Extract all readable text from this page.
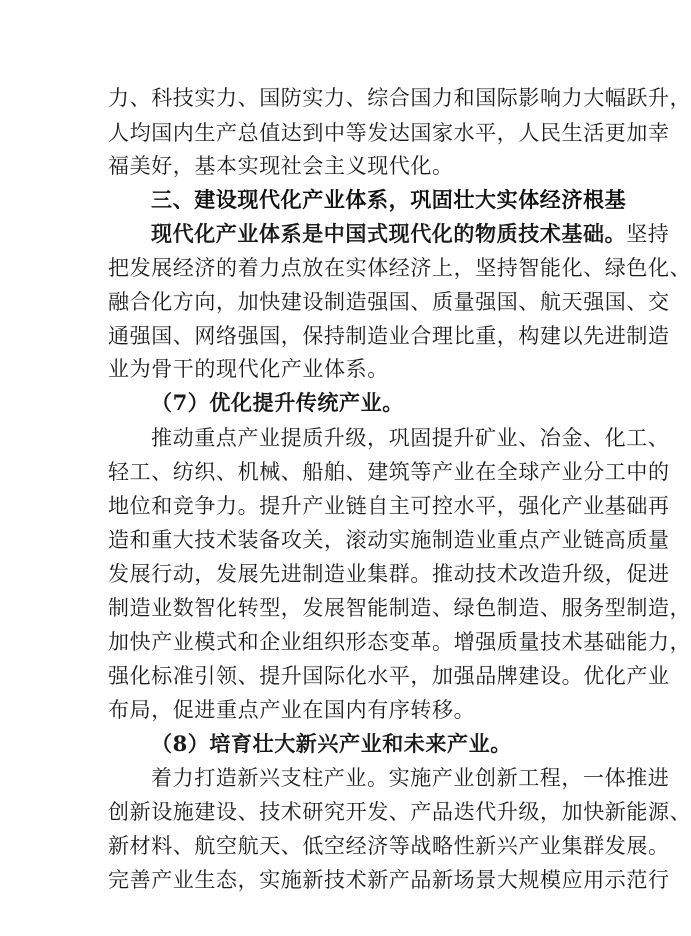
力、科技实力、国防实力、综合国力和国际影响力大幅跃升，
人均国内生产总值达到中等发达国家水平，人民生活更加幸
福美好，基本实现社会主义现代化。
三、建设现代化产业体系，巩固壮大实体经济根基
现代化产业体系是中国式现代化的物质技术基础。坚持
把发展经济的着力点放在实体经济上，坚持智能化、绿色化、
融合化方向，加快建设制造强国、质量强国、航天强国、交
通强国、网络强国，保持制造业合理比重，构建以先进制造
业为骨干的现代化产业体系。
（7）优化提升传统产业。
推动重点产业提质升级，巩固提升矿业、冶金、化工、
轻工、纺织、机械、船舶、建筑等产业在全球产业分工中的
地位和竞争力。提升产业链自主可控水平，强化产业基础再
造和重大技术装备攻关，滚动实施制造业重点产业链高质量
发展行动，发展先进制造业集群。推动技术改造升级，促进
制造业数智化转型，发展智能制造、绿色制造、服务型制造，
加快产业模式和企业组织形态变革。增强质量技术基础能力，
强化标准引领、提升国际化水平，加强品牌建设。优化产业
布局，促进重点产业在国内有序转移。
（8）培育壮大新兴产业和未来产业。
着力打造新兴支柱产业。实施产业创新工程，一体推进
创新设施建设、技术研究开发、产品迭代升级，加快新能源、
新材料、航空航天、低空经济等战略性新兴产业集群发展。
完善产业生态，实施新技术新产品新场景大规模应用示范行
